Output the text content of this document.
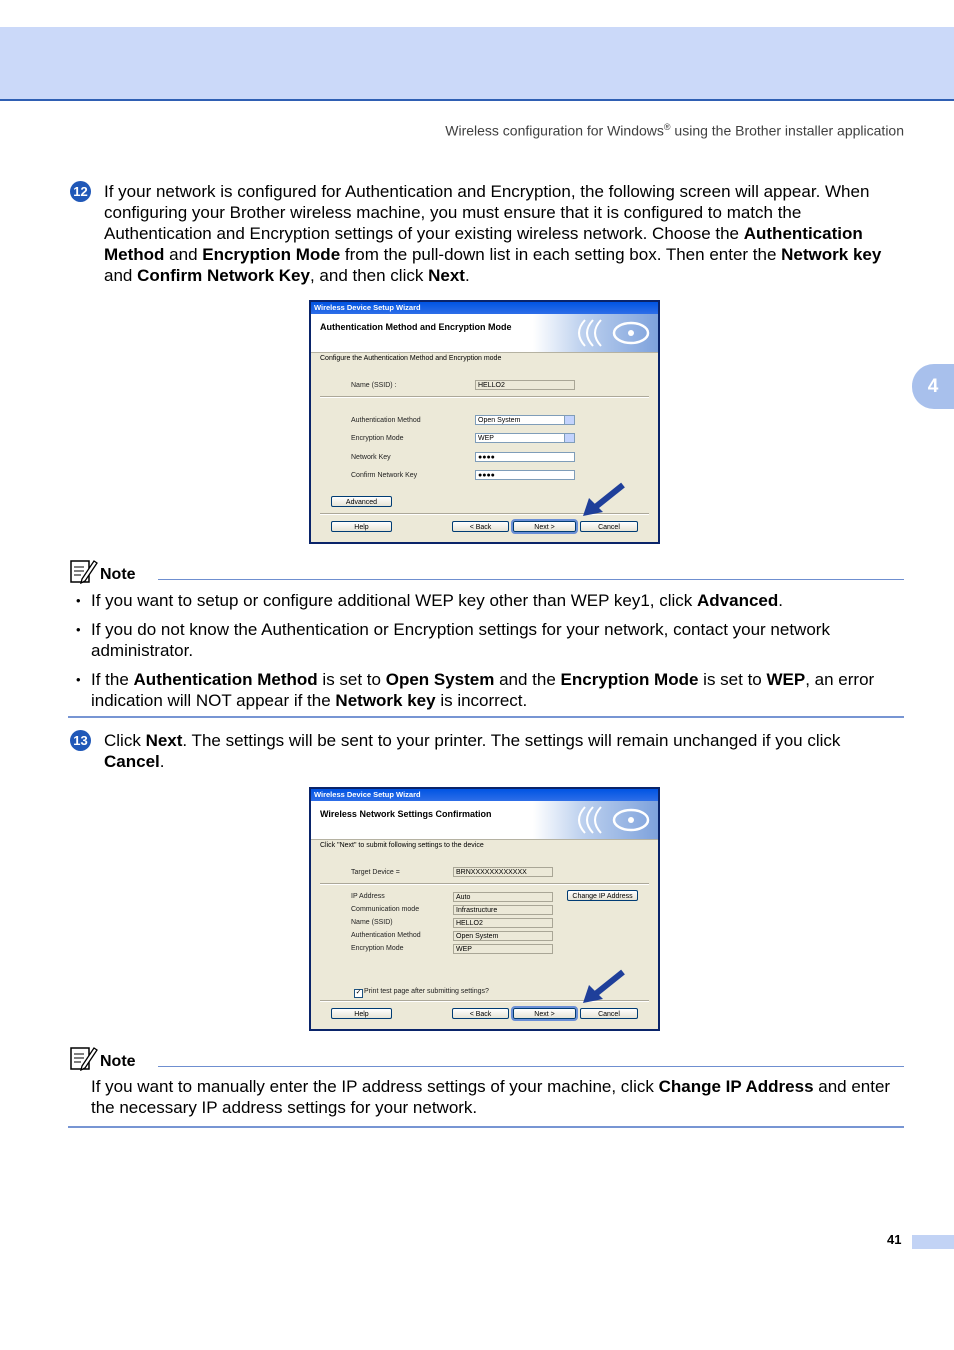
Wireless configuration for Windows® using the Brother installer application
4
12 If your network is configured for Authentication and Encryption, the following screen will appear. When configuring your Brother wireless machine, you must ensure that it is configured to match the Authentication and Encryption settings of your existing wireless network. Choose the Authentication Method and Encryption Mode from the pull-down list in each setting box. Then enter the Network key and Confirm Network Key, and then click Next.
Wireless Device Setup Wizard
Authentication Method and Encryption Mode
Configure the Authentication Method and Encryption mode
Name (SSID) :	HELLO2
Authentication Method	Open System
Encryption Mode	WEP
Network Key	●●●●
Confirm Network Key	●●●●
Advanced
Help	< Back	Next >	Cancel
Note
• If you want to setup or configure additional WEP key other than WEP key1, click Advanced.
• If you do not know the Authentication or Encryption settings for your network, contact your network administrator.
• If the Authentication Method is set to Open System and the Encryption Mode is set to WEP, an error indication will NOT appear if the Network key is incorrect.
13 Click Next. The settings will be sent to your printer. The settings will remain unchanged if you click Cancel.
Wireless Device Setup Wizard
Wireless Network Settings Confirmation
Click "Next" to submit following settings to the device
Target Device =	BRNXXXXXXXXXXXX
IP Address	Auto
Communication mode	Infrastructure
Name (SSID)	HELLO2
Authentication Method	Open System
Encryption Mode	WEP
Change IP Address
✓ Print test page after submitting settings?
Help	< Back	Next >	Cancel
Note
If you want to manually enter the IP address settings of your machine, click Change IP Address and enter the necessary IP address settings for your network.
41
